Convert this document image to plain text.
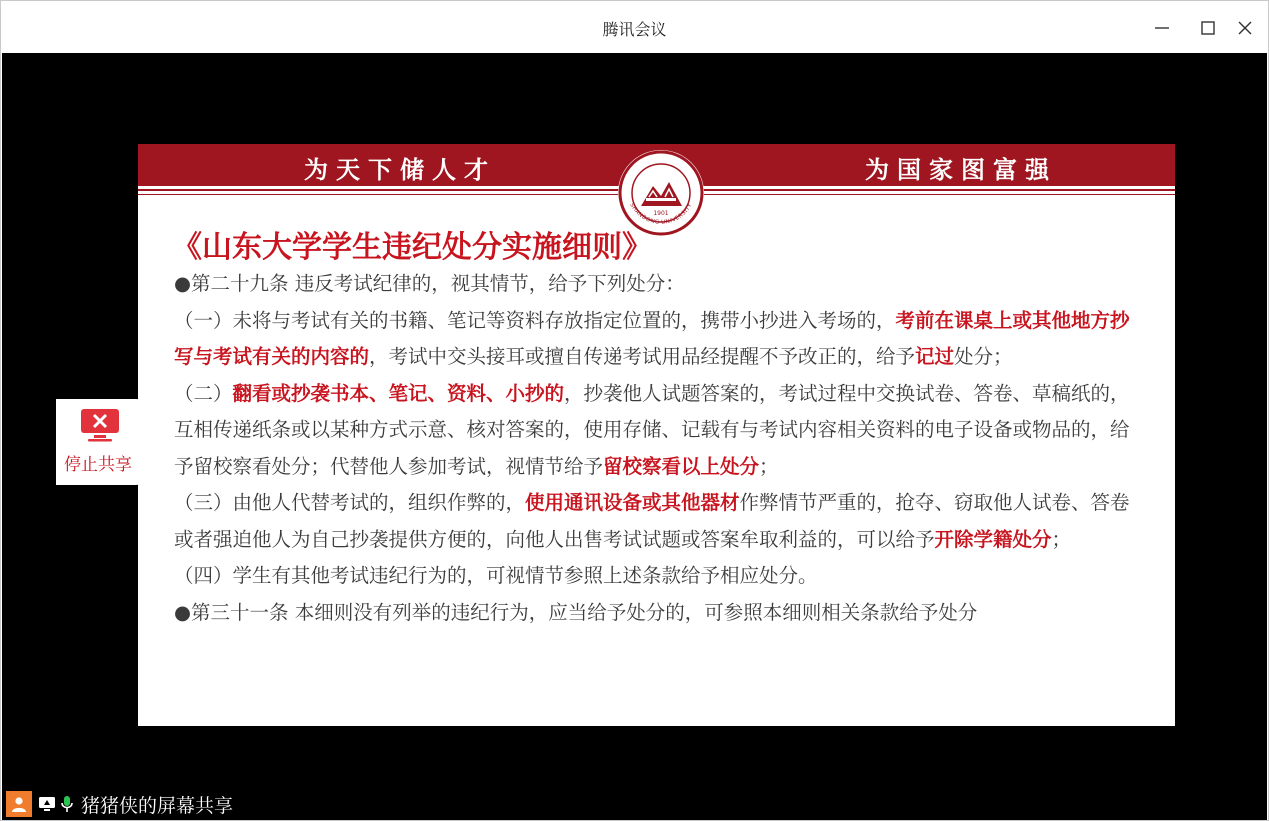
腾讯会议
为天下储人才	为国家图富强
1901
SHANDONG UNIVERSITY
《山东大学学生违纪处分实施细则》

●第二十九条 违反考试纪律的，视其情节，给予下列处分：

（一）未将与考试有关的书籍、笔记等资料存放指定位置的，携带小抄进入考场的，考前在课桌上或其他地方抄写与考试有关的内容的，考试中交头接耳或擅自传递考试用品经提醒不予改正的，给予记过处分；

（二）翻看或抄袭书本、笔记、资料、小抄的，抄袭他人试题答案的，考试过程中交换试卷、答卷、草稿纸的，互相传递纸条或以某种方式示意、核对答案的，使用存储、记载有与考试内容相关资料的电子设备或物品的，给予留校察看处分；代替他人参加考试，视情节给予留校察看以上处分；

（三）由他人代替考试的，组织作弊的，使用通讯设备或其他器材作弊情节严重的，抢夺、窃取他人试卷、答卷或者强迫他人为自己抄袭提供方便的，向他人出售考试试题或答案牟取利益的，可以给予开除学籍处分；

（四）学生有其他考试违纪行为的，可视情节参照上述条款给予相应处分。

●第三十一条 本细则没有列举的违纪行为，应当给予处分的，可参照本细则相关条款给予处分

停止共享
猪猪侠的屏幕共享
